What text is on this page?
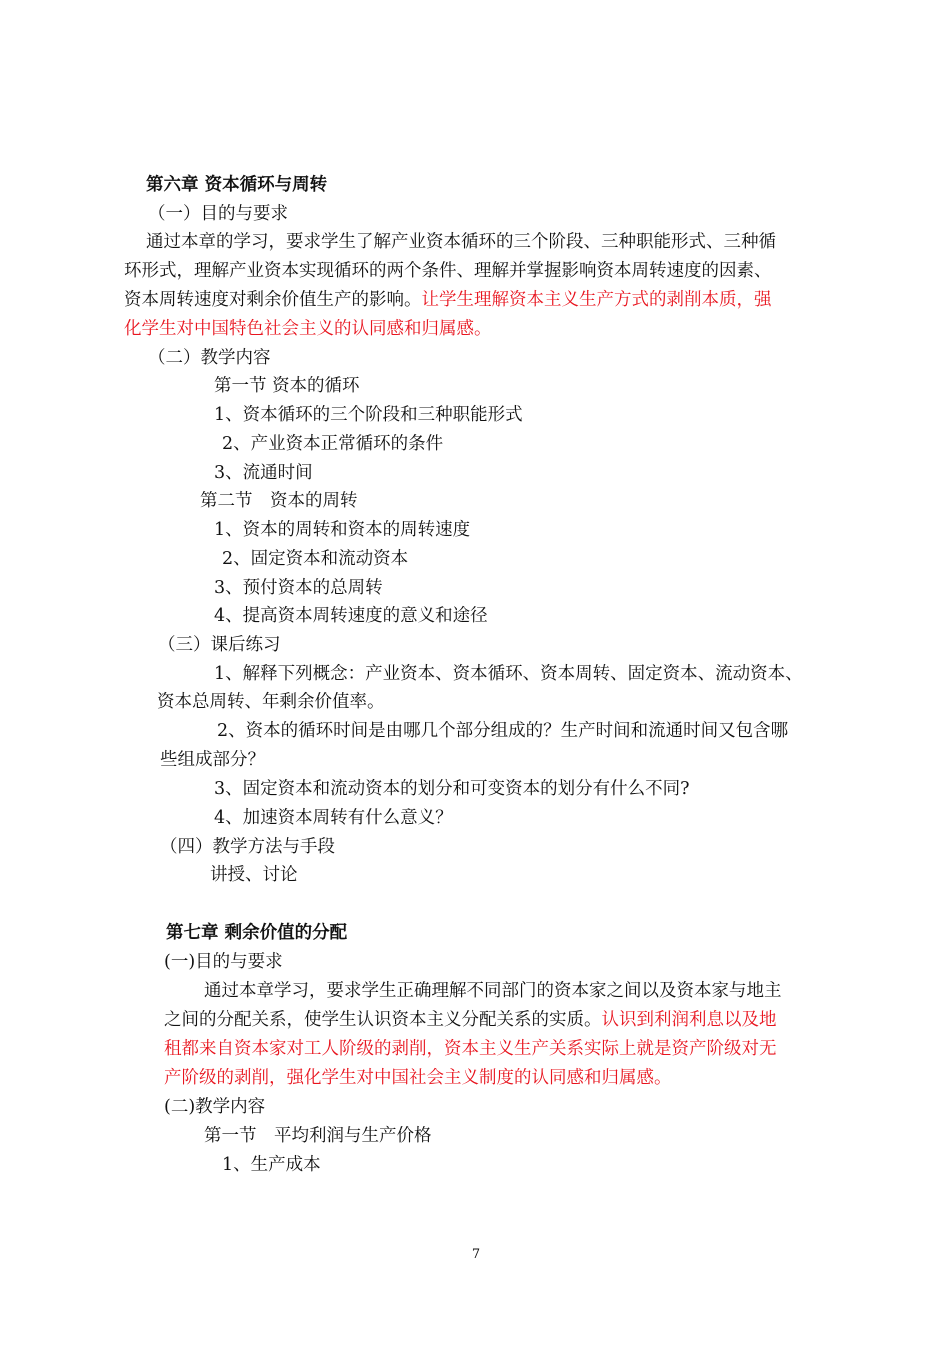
第六章 资本循环与周转
（一）目的与要求
通过本章的学习，要求学生了解产业资本循环的三个阶段、三种职能形式、三种循
环形式，理解产业资本实现循环的两个条件、理解并掌握影响资本周转速度的因素、
资本周转速度对剩余价值生产的影响。让学生理解资本主义生产方式的剥削本质，强
化学生对中国特色社会主义的认同感和归属感。
（二）教学内容
第一节 资本的循环
1、资本循环的三个阶段和三种职能形式
2、产业资本正常循环的条件
3、流通时间
第二节　资本的周转
1、资本的周转和资本的周转速度
2、固定资本和流动资本
3、预付资本的总周转
4、提高资本周转速度的意义和途径
（三）课后练习
1、解释下列概念：产业资本、资本循环、资本周转、固定资本、流动资本、
资本总周转、年剩余价值率。
2、资本的循环时间是由哪几个部分组成的？生产时间和流通时间又包含哪
些组成部分？
3、固定资本和流动资本的划分和可变资本的划分有什么不同?
4、加速资本周转有什么意义？
（四）教学方法与手段
讲授、讨论
第七章 剩余价值的分配
(一)目的与要求
通过本章学习，要求学生正确理解不同部门的资本家之间以及资本家与地主
之间的分配关系，使学生认识资本主义分配关系的实质。认识到利润利息以及地
租都来自资本家对工人阶级的剥削，资本主义生产关系实际上就是资产阶级对无
产阶级的剥削，强化学生对中国社会主义制度的认同感和归属感。
(二)教学内容
第一节　平均利润与生产价格
1、生产成本
7
